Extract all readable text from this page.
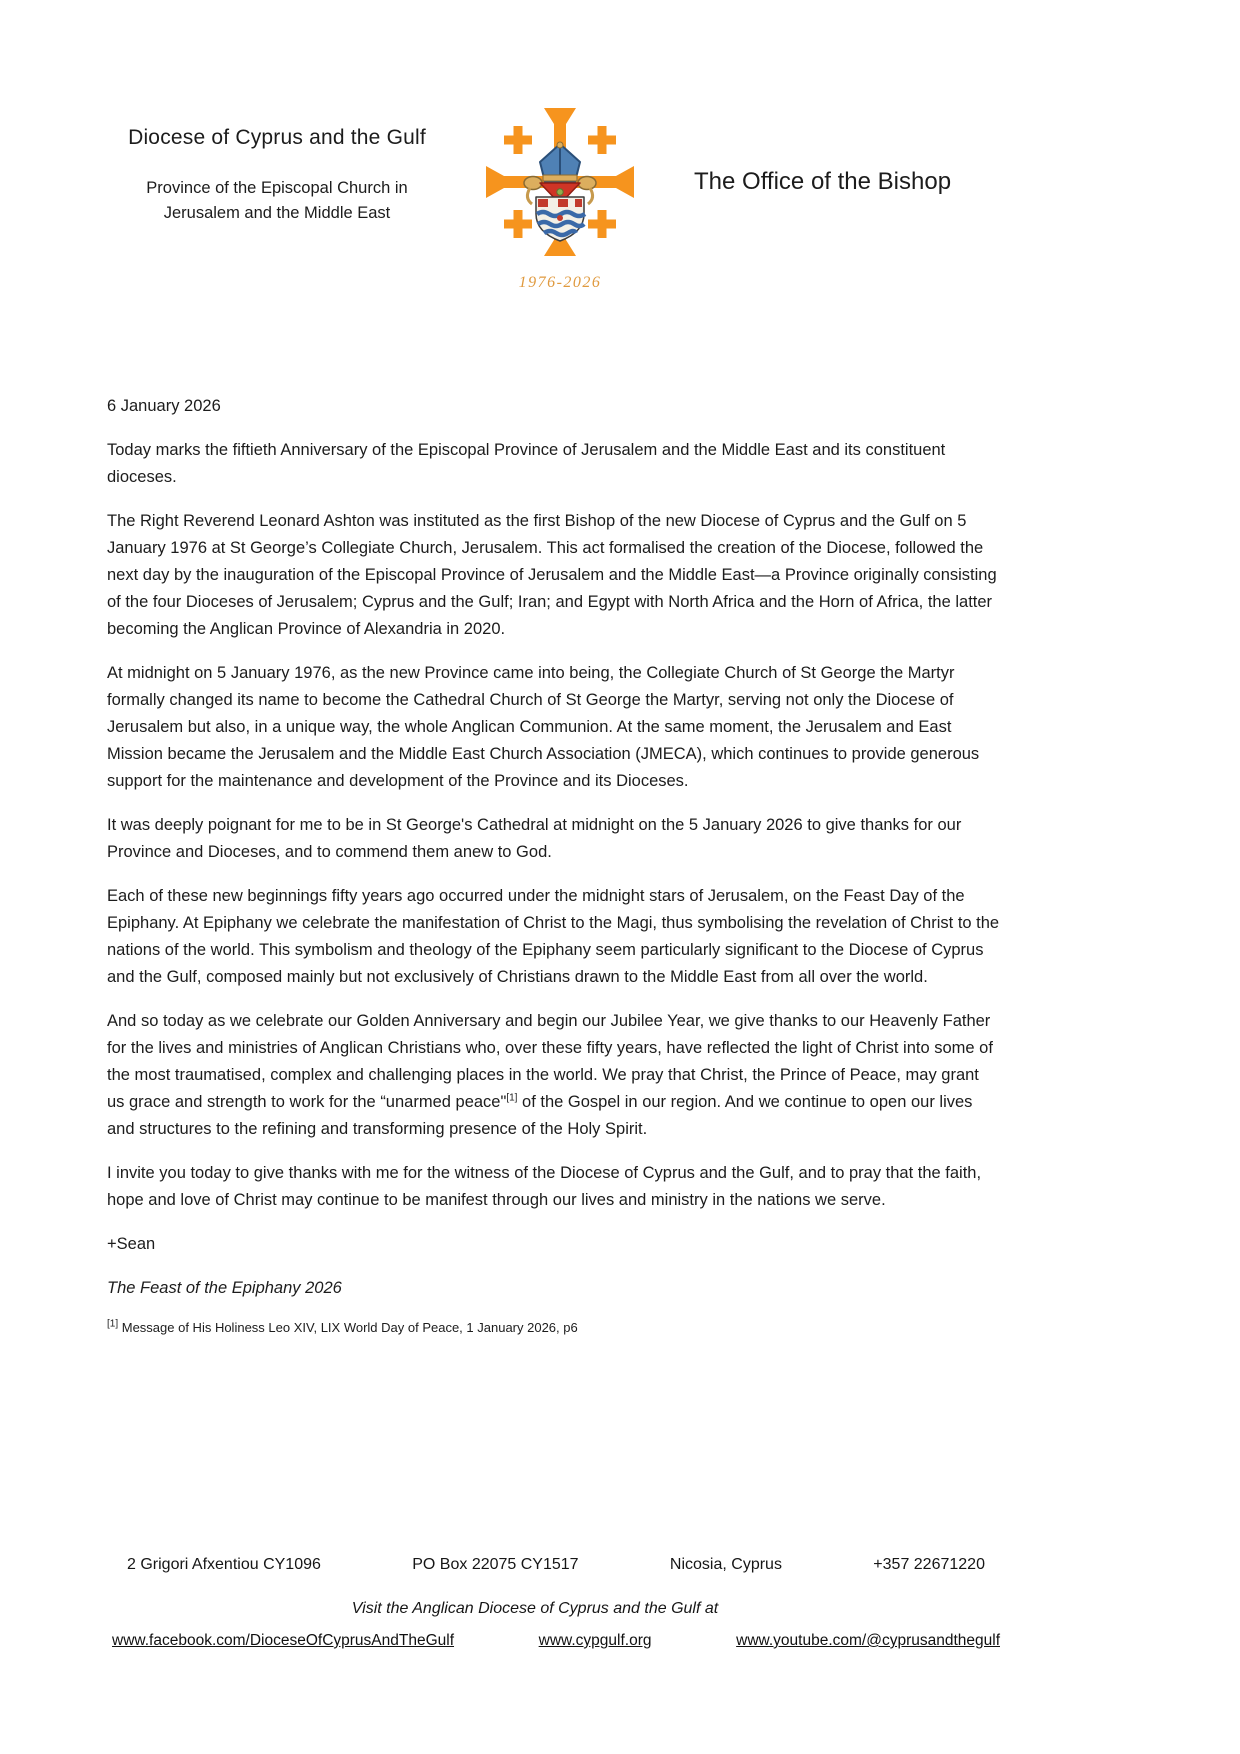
Diocese of Cyprus and the Gulf
Province of the Episcopal Church in
Jerusalem and the Middle East
1976-2026
The Office of the Bishop

6 January 2026

Today marks the fiftieth Anniversary of the Episcopal Province of Jerusalem and the Middle East and its constituent dioceses.

The Right Reverend Leonard Ashton was instituted as the first Bishop of the new Diocese of Cyprus and the Gulf on 5 January 1976 at St George’s Collegiate Church, Jerusalem. This act formalised the creation of the Diocese, followed the next day by the inauguration of the Episcopal Province of Jerusalem and the Middle East—a Province originally consisting of the four Dioceses of Jerusalem; Cyprus and the Gulf; Iran; and Egypt with North Africa and the Horn of Africa, the latter becoming the Anglican Province of Alexandria in 2020.

At midnight on 5 January 1976, as the new Province came into being, the Collegiate Church of St George the Martyr formally changed its name to become the Cathedral Church of St George the Martyr, serving not only the Diocese of Jerusalem but also, in a unique way, the whole Anglican Communion. At the same moment, the Jerusalem and East Mission became the Jerusalem and the Middle East Church Association (JMECA), which continues to provide generous support for the maintenance and development of the Province and its Dioceses.

It was deeply poignant for me to be in St George's Cathedral at midnight on the 5 January 2026 to give thanks for our Province and Dioceses, and to commend them anew to God.

Each of these new beginnings fifty years ago occurred under the midnight stars of Jerusalem, on the Feast Day of the Epiphany. At Epiphany we celebrate the manifestation of Christ to the Magi, thus symbolising the revelation of Christ to the nations of the world. This symbolism and theology of the Epiphany seem particularly significant to the Diocese of Cyprus and the Gulf, composed mainly but not exclusively of Christians drawn to the Middle East from all over the world.

And so today as we celebrate our Golden Anniversary and begin our Jubilee Year, we give thanks to our Heavenly Father for the lives and ministries of Anglican Christians who, over these fifty years, have reflected the light of Christ into some of the most traumatised, complex and challenging places in the world. We pray that Christ, the Prince of Peace, may grant us grace and strength to work for the “unarmed peace"[1] of the Gospel in our region. And we continue to open our lives and structures to the refining and transforming presence of the Holy Spirit.

I invite you today to give thanks with me for the witness of the Diocese of Cyprus and the Gulf, and to pray that the faith, hope and love of Christ may continue to be manifest through our lives and ministry in the nations we serve.

+Sean

The Feast of the Epiphany 2026

[1] Message of His Holiness Leo XIV, LIX World Day of Peace, 1 January 2026, p6
2 Grigori Afxentiou CY1096	PO Box 22075 CY1517	Nicosia, Cyprus	+357 22671220
Visit the Anglican Diocese of Cyprus and the Gulf at
www.facebook.com/DioceseOfCyprusAndTheGulf	www.cypgulf.org	www.youtube.com/@cyprusandthegulf
